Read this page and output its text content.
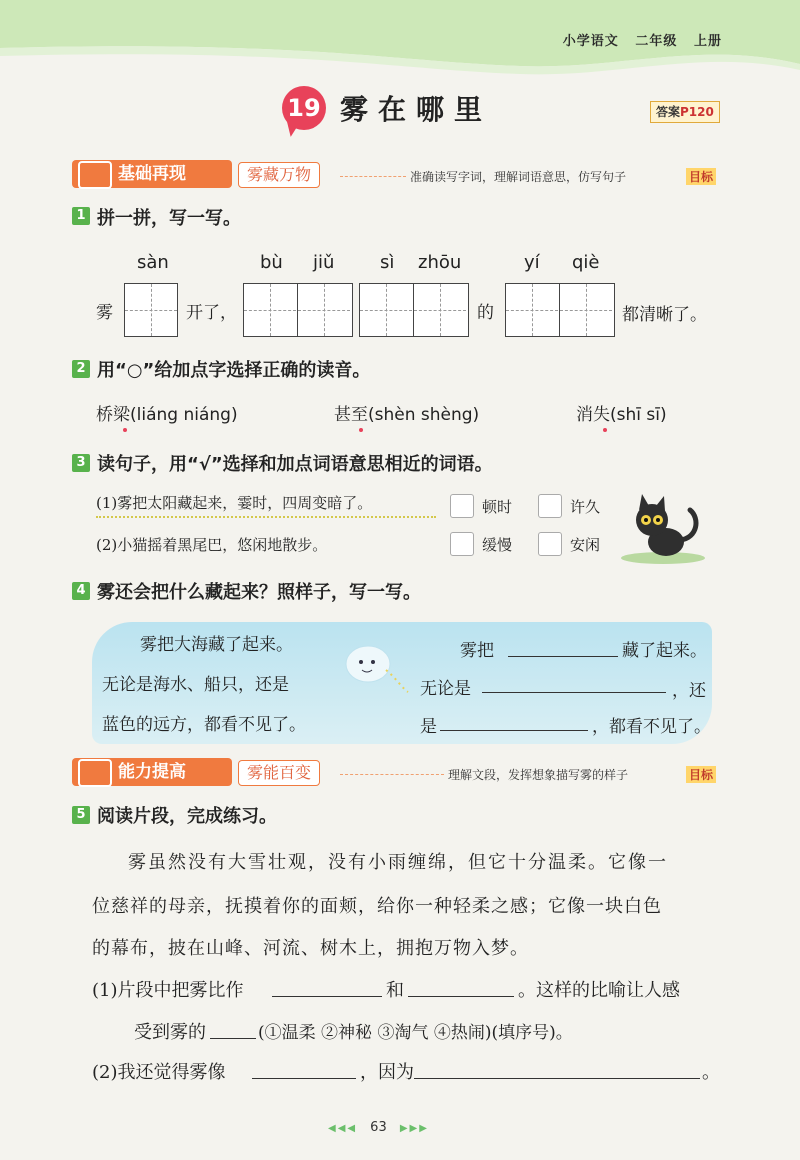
小学语文 二年级 上册
19 雾在哪里	答案P120
基础再现	雾藏万物	准确读写字词，理解词语意思，仿写句子	目标
1 拼一拼，写一写。
sàn	bù jiǔ	sì zhōu	yí qiè
雾	开了，	的	都清晰了。
2 用“○”给加点字选择正确的读音。
桥梁(liáng niáng)	甚至(shèn shèng)	消失(shī sī)
3 读句子，用“√”选择和加点词语意思相近的词语。
(1)雾把太阳藏起来，霎时，四周变暗了。
(2)小猫摇着黑尾巴，悠闲地散步。
顿时	许久
缓慢	安闲
4 雾还会把什么藏起来？照样子，写一写。
雾把大海藏了起来。
无论是海水、船只，还是
蓝色的远方，都看不见了。
雾把	藏了起来。
无论是	，还
是	，都看不见了。
能力提高	雾能百变	理解文段，发挥想象描写雾的样子	目标
5 阅读片段，完成练习。
雾虽然没有大雪壮观，没有小雨缠绵，但它十分温柔。它像一
位慈祥的母亲，抚摸着你的面颊，给你一种轻柔之感；它像一块白色
的幕布，披在山峰、河流、树木上，拥抱万物入梦。
(1)片段中把雾比作	和	。这样的比喻让人感
受到雾的	(①温柔 ②神秘 ③淘气 ④热闹)(填序号)。
(2)我还觉得雾像	，因为	。
◀◀◀ 63 ▶▶▶
